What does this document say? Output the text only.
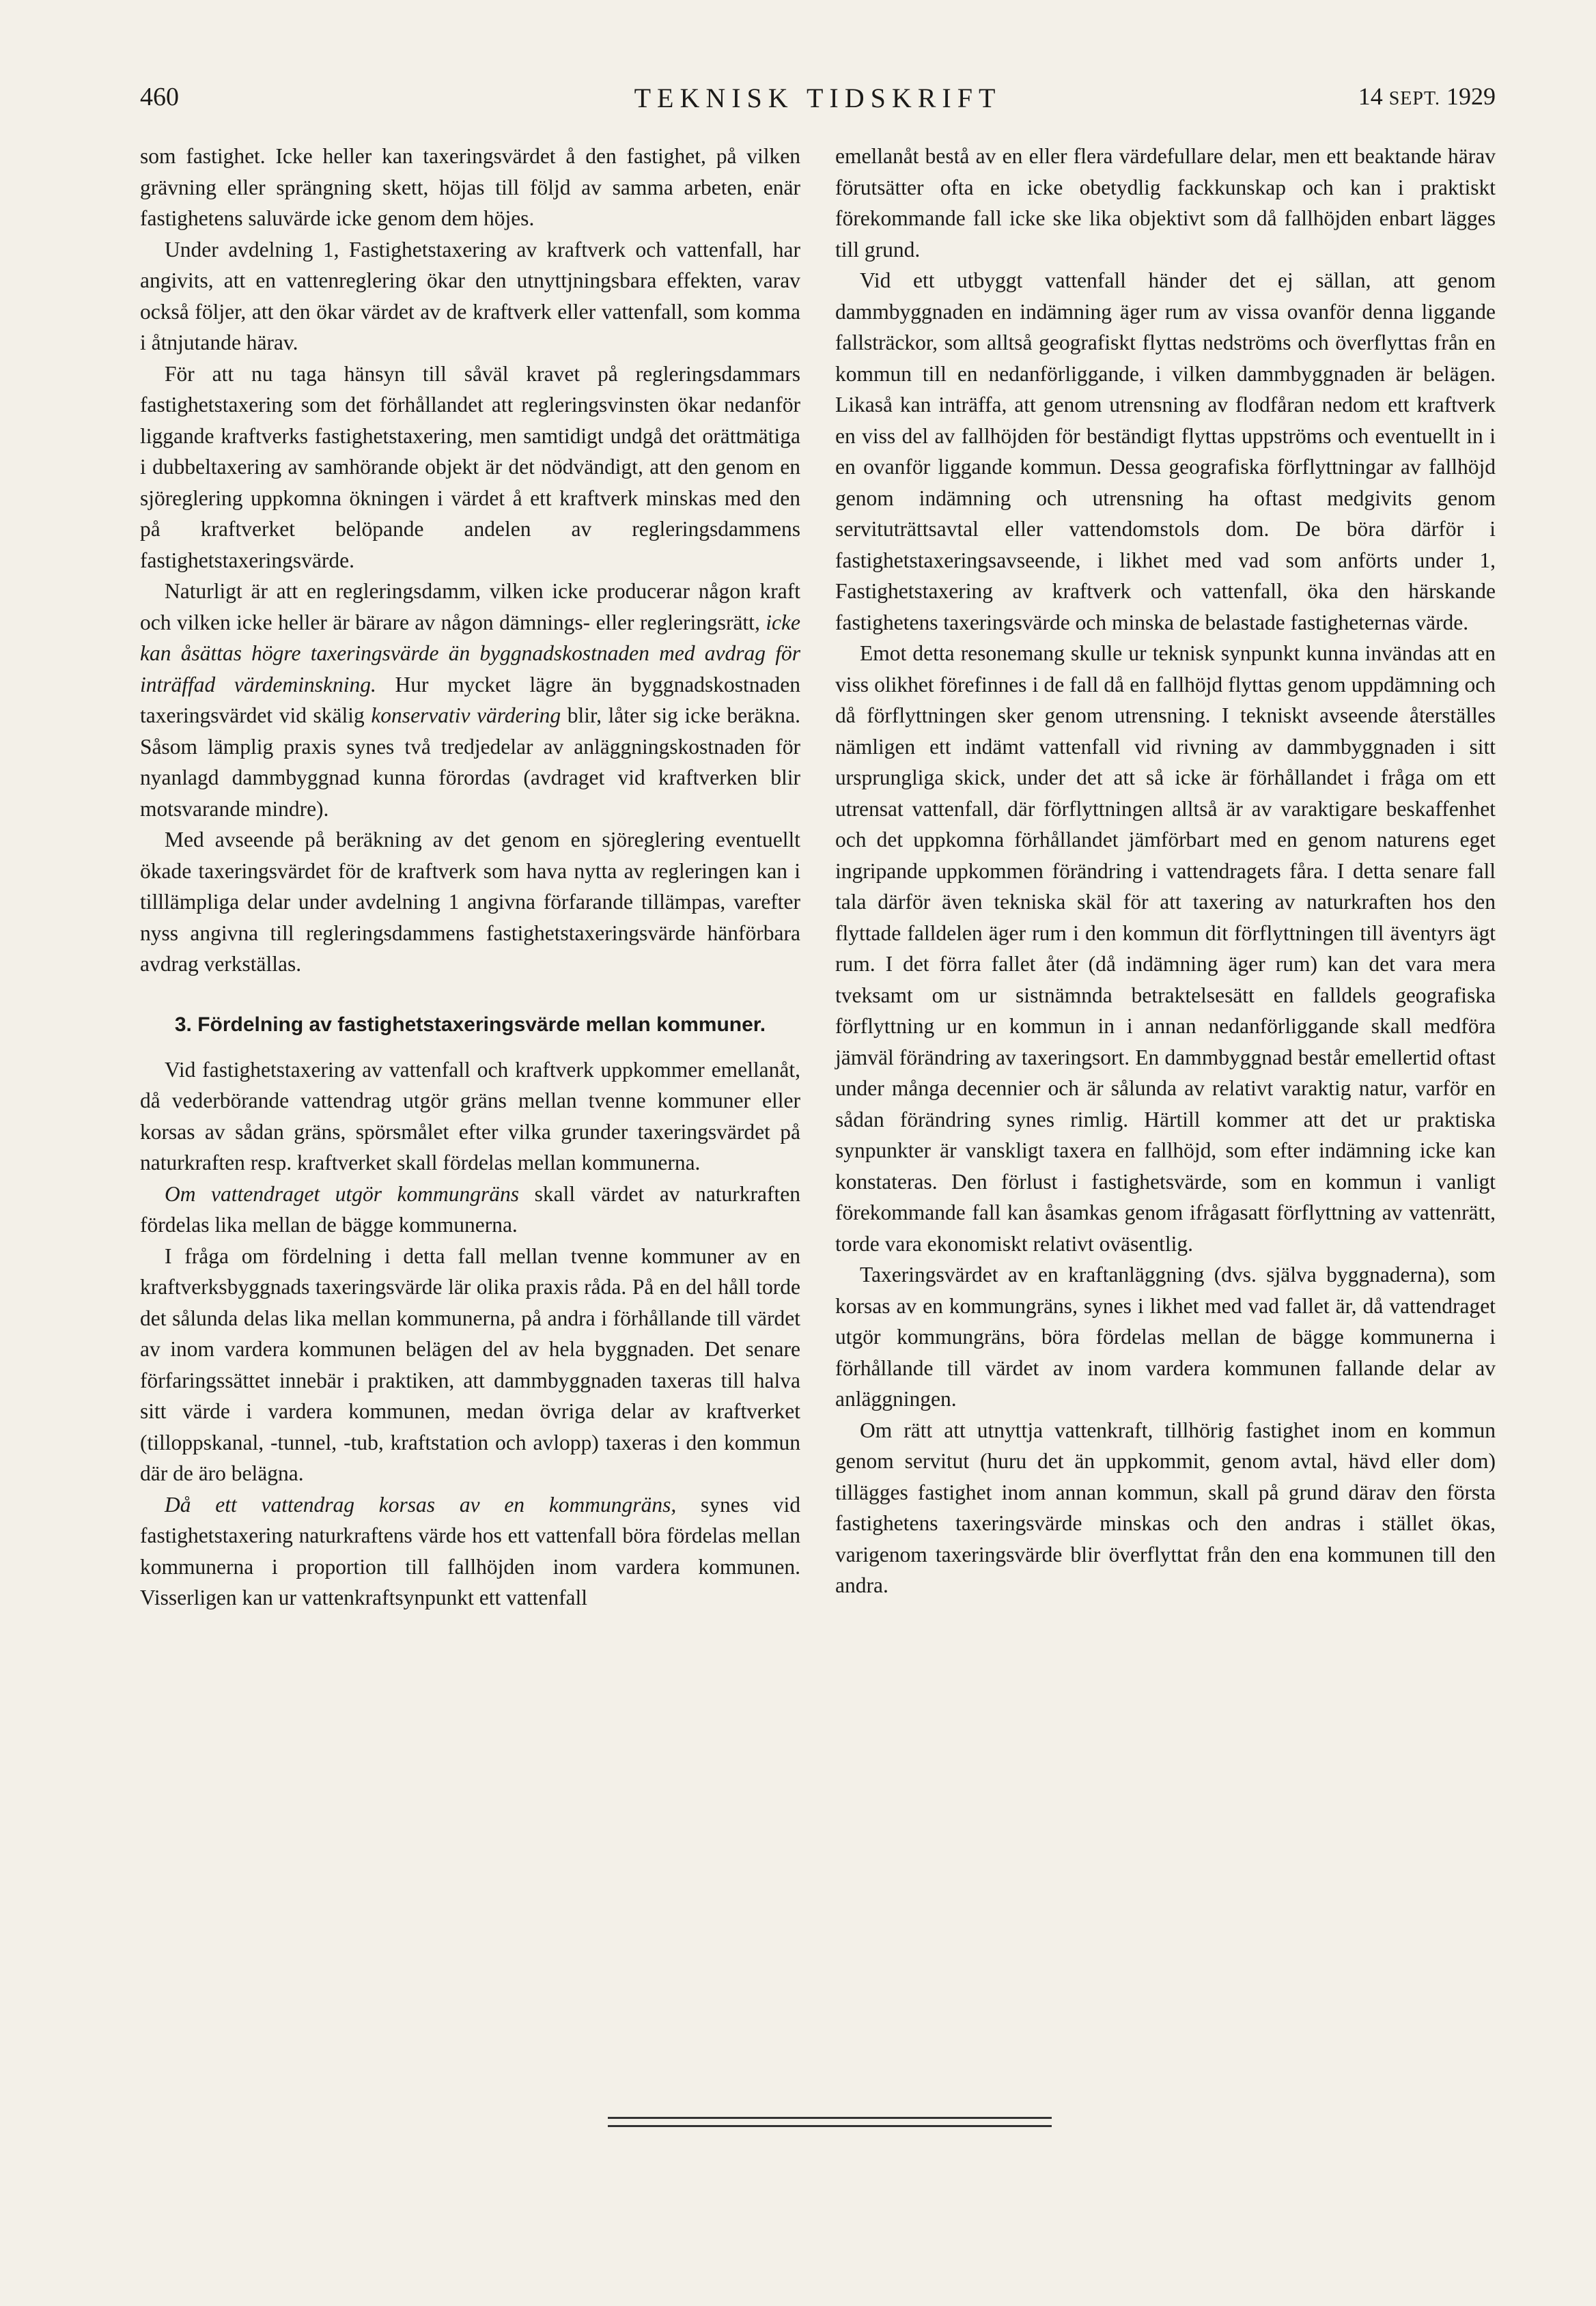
460	TEKNISK TIDSKRIFT	14 SEPT. 1929

som fastighet. Icke heller kan taxeringsvärdet å den fastighet, på vilken grävning eller sprängning skett, höjas till följd av samma arbeten, enär fastighetens saluvärde icke genom dem höjes.

Under avdelning 1, Fastighetstaxering av kraftverk och vattenfall, har angivits, att en vattenreglering ökar den utnyttjningsbara effekten, varav också följer, att den ökar värdet av de kraftverk eller vattenfall, som komma i åtnjutande härav.

För att nu taga hänsyn till såväl kravet på regleringsdammars fastighetstaxering som det förhållandet att regleringsvinsten ökar nedanför liggande kraftverks fastighetstaxering, men samtidigt undgå det orättmätiga i dubbeltaxering av samhörande objekt är det nödvändigt, att den genom en sjöreglering uppkomna ökningen i värdet å ett kraftverk minskas med den på kraftverket belöpande andelen av regleringsdammens fastighetstaxeringsvärde.

Naturligt är att en regleringsdamm, vilken icke producerar någon kraft och vilken icke heller är bärare av någon dämnings- eller regleringsrätt, icke kan åsättas högre taxeringsvärde än byggnadskostnaden med avdrag för inträffad värdeminskning. Hur mycket lägre än byggnadskostnaden taxeringsvärdet vid skälig konservativ värdering blir, låter sig icke beräkna. Såsom lämplig praxis synes två tredjedelar av anläggningskostnaden för nyanlagd dammbyggnad kunna förordas (avdraget vid kraftverken blir motsvarande mindre).

Med avseende på beräkning av det genom en sjöreglering eventuellt ökade taxeringsvärdet för de kraftverk som hava nytta av regleringen kan i tilllämpliga delar under avdelning 1 angivna förfarande tillämpas, varefter nyss angivna till regleringsdammens fastighetstaxeringsvärde hänförbara avdrag verkställas.

3. Fördelning av fastighetstaxeringsvärde mellan kommuner.

Vid fastighetstaxering av vattenfall och kraftverk uppkommer emellanåt, då vederbörande vattendrag utgör gräns mellan tvenne kommuner eller korsas av sådan gräns, spörsmålet efter vilka grunder taxeringsvärdet på naturkraften resp. kraftverket skall fördelas mellan kommunerna.

Om vattendraget utgör kommungräns skall värdet av naturkraften fördelas lika mellan de bägge kommunerna.

I fråga om fördelning i detta fall mellan tvenne kommuner av en kraftverksbyggnads taxeringsvärde lär olika praxis råda. På en del håll torde det sålunda delas lika mellan kommunerna, på andra i förhållande till värdet av inom vardera kommunen belägen del av hela byggnaden. Det senare förfaringssättet innebär i praktiken, att dammbyggnaden taxeras till halva sitt värde i vardera kommunen, medan övriga delar av kraftverket (tilloppskanal, -tunnel, -tub, kraftstation och avlopp) taxeras i den kommun där de äro belägna.

Då ett vattendrag korsas av en kommungräns, synes vid fastighetstaxering naturkraftens värde hos ett vattenfall böra fördelas mellan kommunerna i proportion till fallhöjden inom vardera kommunen. Visserligen kan ur vattenkraftsynpunkt ett vattenfall

emellanåt bestå av en eller flera värdefullare delar, men ett beaktande härav förutsätter ofta en icke obetydlig fackkunskap och kan i praktiskt förekommande fall icke ske lika objektivt som då fallhöjden enbart lägges till grund.

Vid ett utbyggt vattenfall händer det ej sällan, att genom dammbyggnaden en indämning äger rum av vissa ovanför denna liggande fallsträckor, som alltså geografiskt flyttas nedströms och överflyttas från en kommun till en nedanförliggande, i vilken dammbyggnaden är belägen. Likaså kan inträffa, att genom utrensning av flodfåran nedom ett kraftverk en viss del av fallhöjden för beständigt flyttas uppströms och eventuellt in i en ovanför liggande kommun. Dessa geografiska förflyttningar av fallhöjd genom indämning och utrensning ha oftast medgivits genom servituträttsavtal eller vattendomstols dom. De böra därför i fastighetstaxeringsavseende, i likhet med vad som anförts under 1, Fastighetstaxering av kraftverk och vattenfall, öka den härskande fastighetens taxeringsvärde och minska de belastade fastigheternas värde.

Emot detta resonemang skulle ur teknisk synpunkt kunna invändas att en viss olikhet förefinnes i de fall då en fallhöjd flyttas genom uppdämning och då förflyttningen sker genom utrensning. I tekniskt avseende återställes nämligen ett indämt vattenfall vid rivning av dammbyggnaden i sitt ursprungliga skick, under det att så icke är förhållandet i fråga om ett utrensat vattenfall, där förflyttningen alltså är av varaktigare beskaffenhet och det uppkomna förhållandet jämförbart med en genom naturens eget ingripande uppkommen förändring i vattendragets fåra. I detta senare fall tala därför även tekniska skäl för att taxering av naturkraften hos den flyttade falldelen äger rum i den kommun dit förflyttningen till äventyrs ägt rum. I det förra fallet åter (då indämning äger rum) kan det vara mera tveksamt om ur sistnämnda betraktelsesätt en falldels geografiska förflyttning ur en kommun in i annan nedanförliggande skall medföra jämväl förändring av taxeringsort. En dammbyggnad består emellertid oftast under många decennier och är sålunda av relativt varaktig natur, varför en sådan förändring synes rimlig. Härtill kommer att det ur praktiska synpunkter är vanskligt taxera en fallhöjd, som efter indämning icke kan konstateras. Den förlust i fastighetsvärde, som en kommun i vanligt förekommande fall kan åsamkas genom ifrågasatt förflyttning av vattenrätt, torde vara ekonomiskt relativt oväsentlig.

Taxeringsvärdet av en kraftanläggning (dvs. själva byggnaderna), som korsas av en kommungräns, synes i likhet med vad fallet är, då vattendraget utgör kommungräns, böra fördelas mellan de bägge kommunerna i förhållande till värdet av inom vardera kommunen fallande delar av anläggningen.

Om rätt att utnyttja vattenkraft, tillhörig fastighet inom en kommun genom servitut (huru det än uppkommit, genom avtal, hävd eller dom) tillägges fastighet inom annan kommun, skall på grund därav den första fastighetens taxeringsvärde minskas och den andras i stället ökas, varigenom taxeringsvärde blir överflyttat från den ena kommunen till den andra.
